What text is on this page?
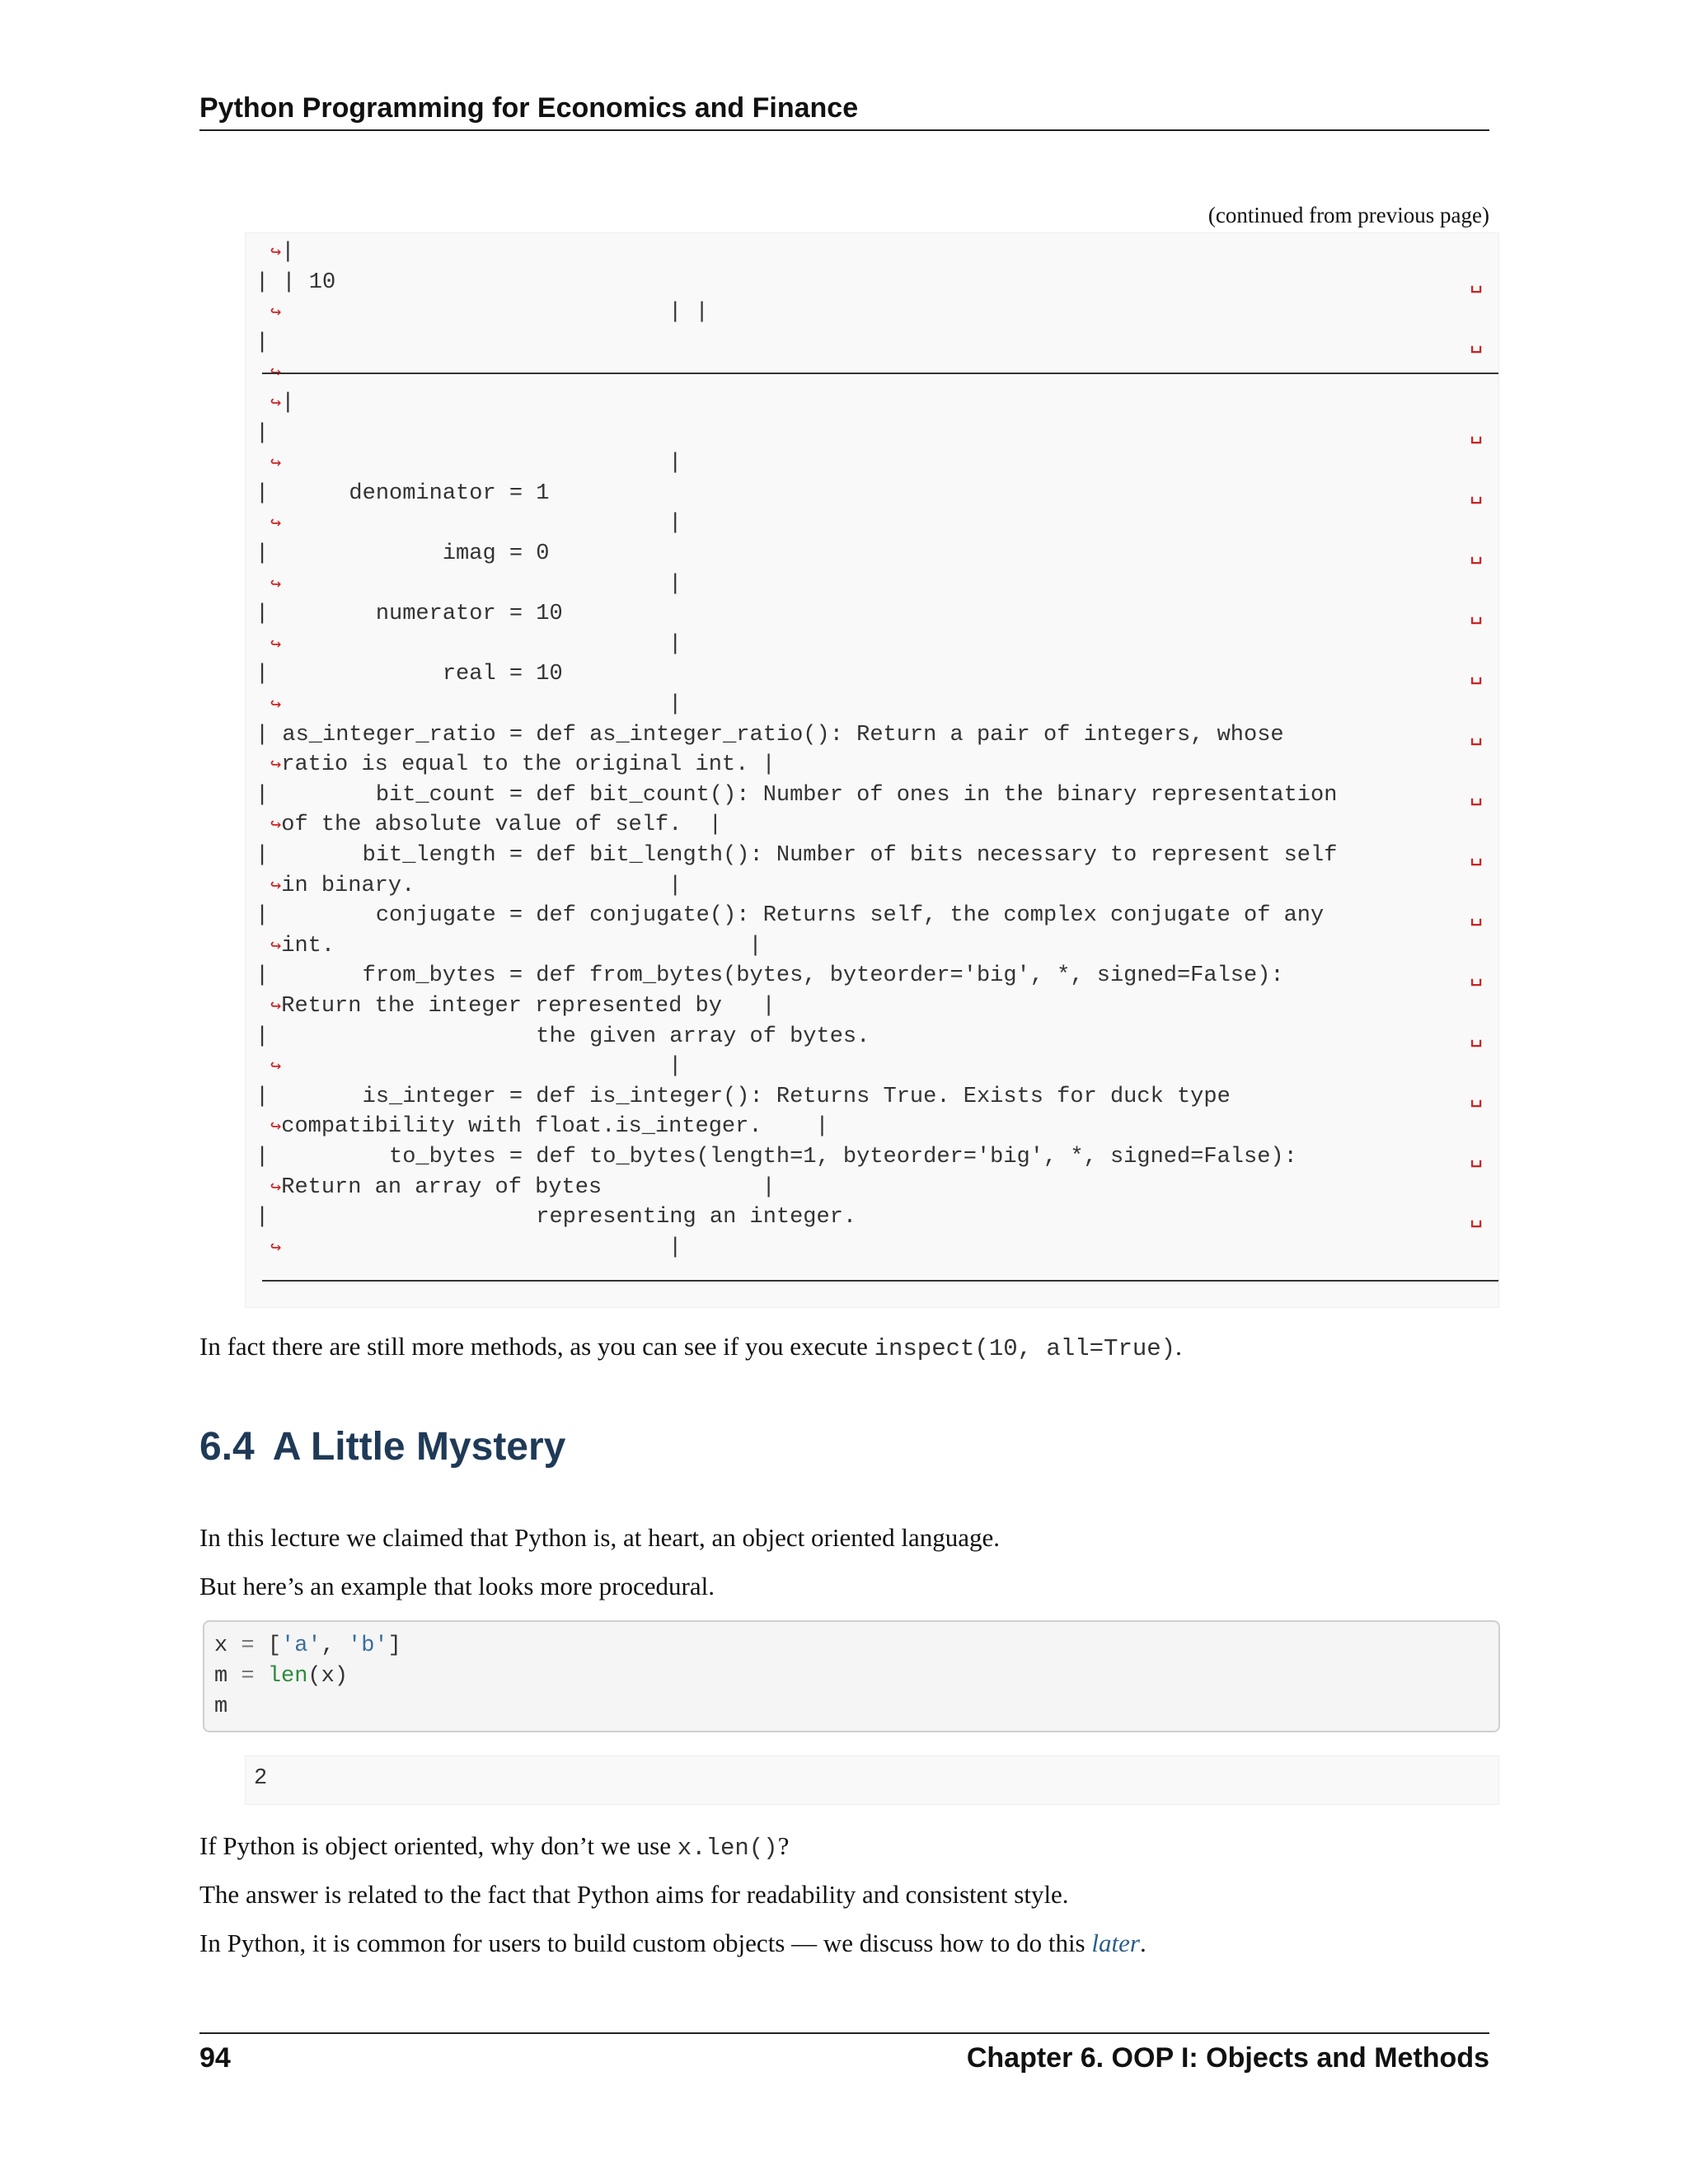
Python Programming for Economics and Finance
(continued from previous page)
↪|
| | 10	␣
↪                             | |
|	␣
↪|
|	␣
↪                             |
|      denominator = 1	␣
↪                             |
|             imag = 0	␣
↪                             |
|        numerator = 10	␣
↪                             |
|             real = 10	␣
↪                             |
| as_integer_ratio = def as_integer_ratio(): Return a pair of integers, whose	␣
↪ratio is equal to the original int. |
|        bit_count = def bit_count(): Number of ones in the binary representation	␣
↪of the absolute value of self.  |
|       bit_length = def bit_length(): Number of bits necessary to represent self	␣
↪in binary.                   |
|        conjugate = def conjugate(): Returns self, the complex conjugate of any	␣
↪int.                               |
|       from_bytes = def from_bytes(bytes, byteorder='big', *, signed=False):	␣
↪Return the integer represented by   |
|                    the given array of bytes.	␣
↪                             |
|       is_integer = def is_integer(): Returns True. Exists for duck type	␣
↪compatibility with float.is_integer.    |
|         to_bytes = def to_bytes(length=1, byteorder='big', *, signed=False):	␣
↪Return an array of bytes            |
|                    representing an integer.	␣
↪                             |
In fact there are still more methods, as you can see if you execute inspect(10, all=True).
6.4 A Little Mystery
In this lecture we claimed that Python is, at heart, an object oriented language.
But here’s an example that looks more procedural.
x = ['a', 'b']
m = len(x)
m
2
If Python is object oriented, why don’t we use x.len()?
The answer is related to the fact that Python aims for readability and consistent style.
In Python, it is common for users to build custom objects — we discuss how to do this later.
94	Chapter 6. OOP I: Objects and Methods
